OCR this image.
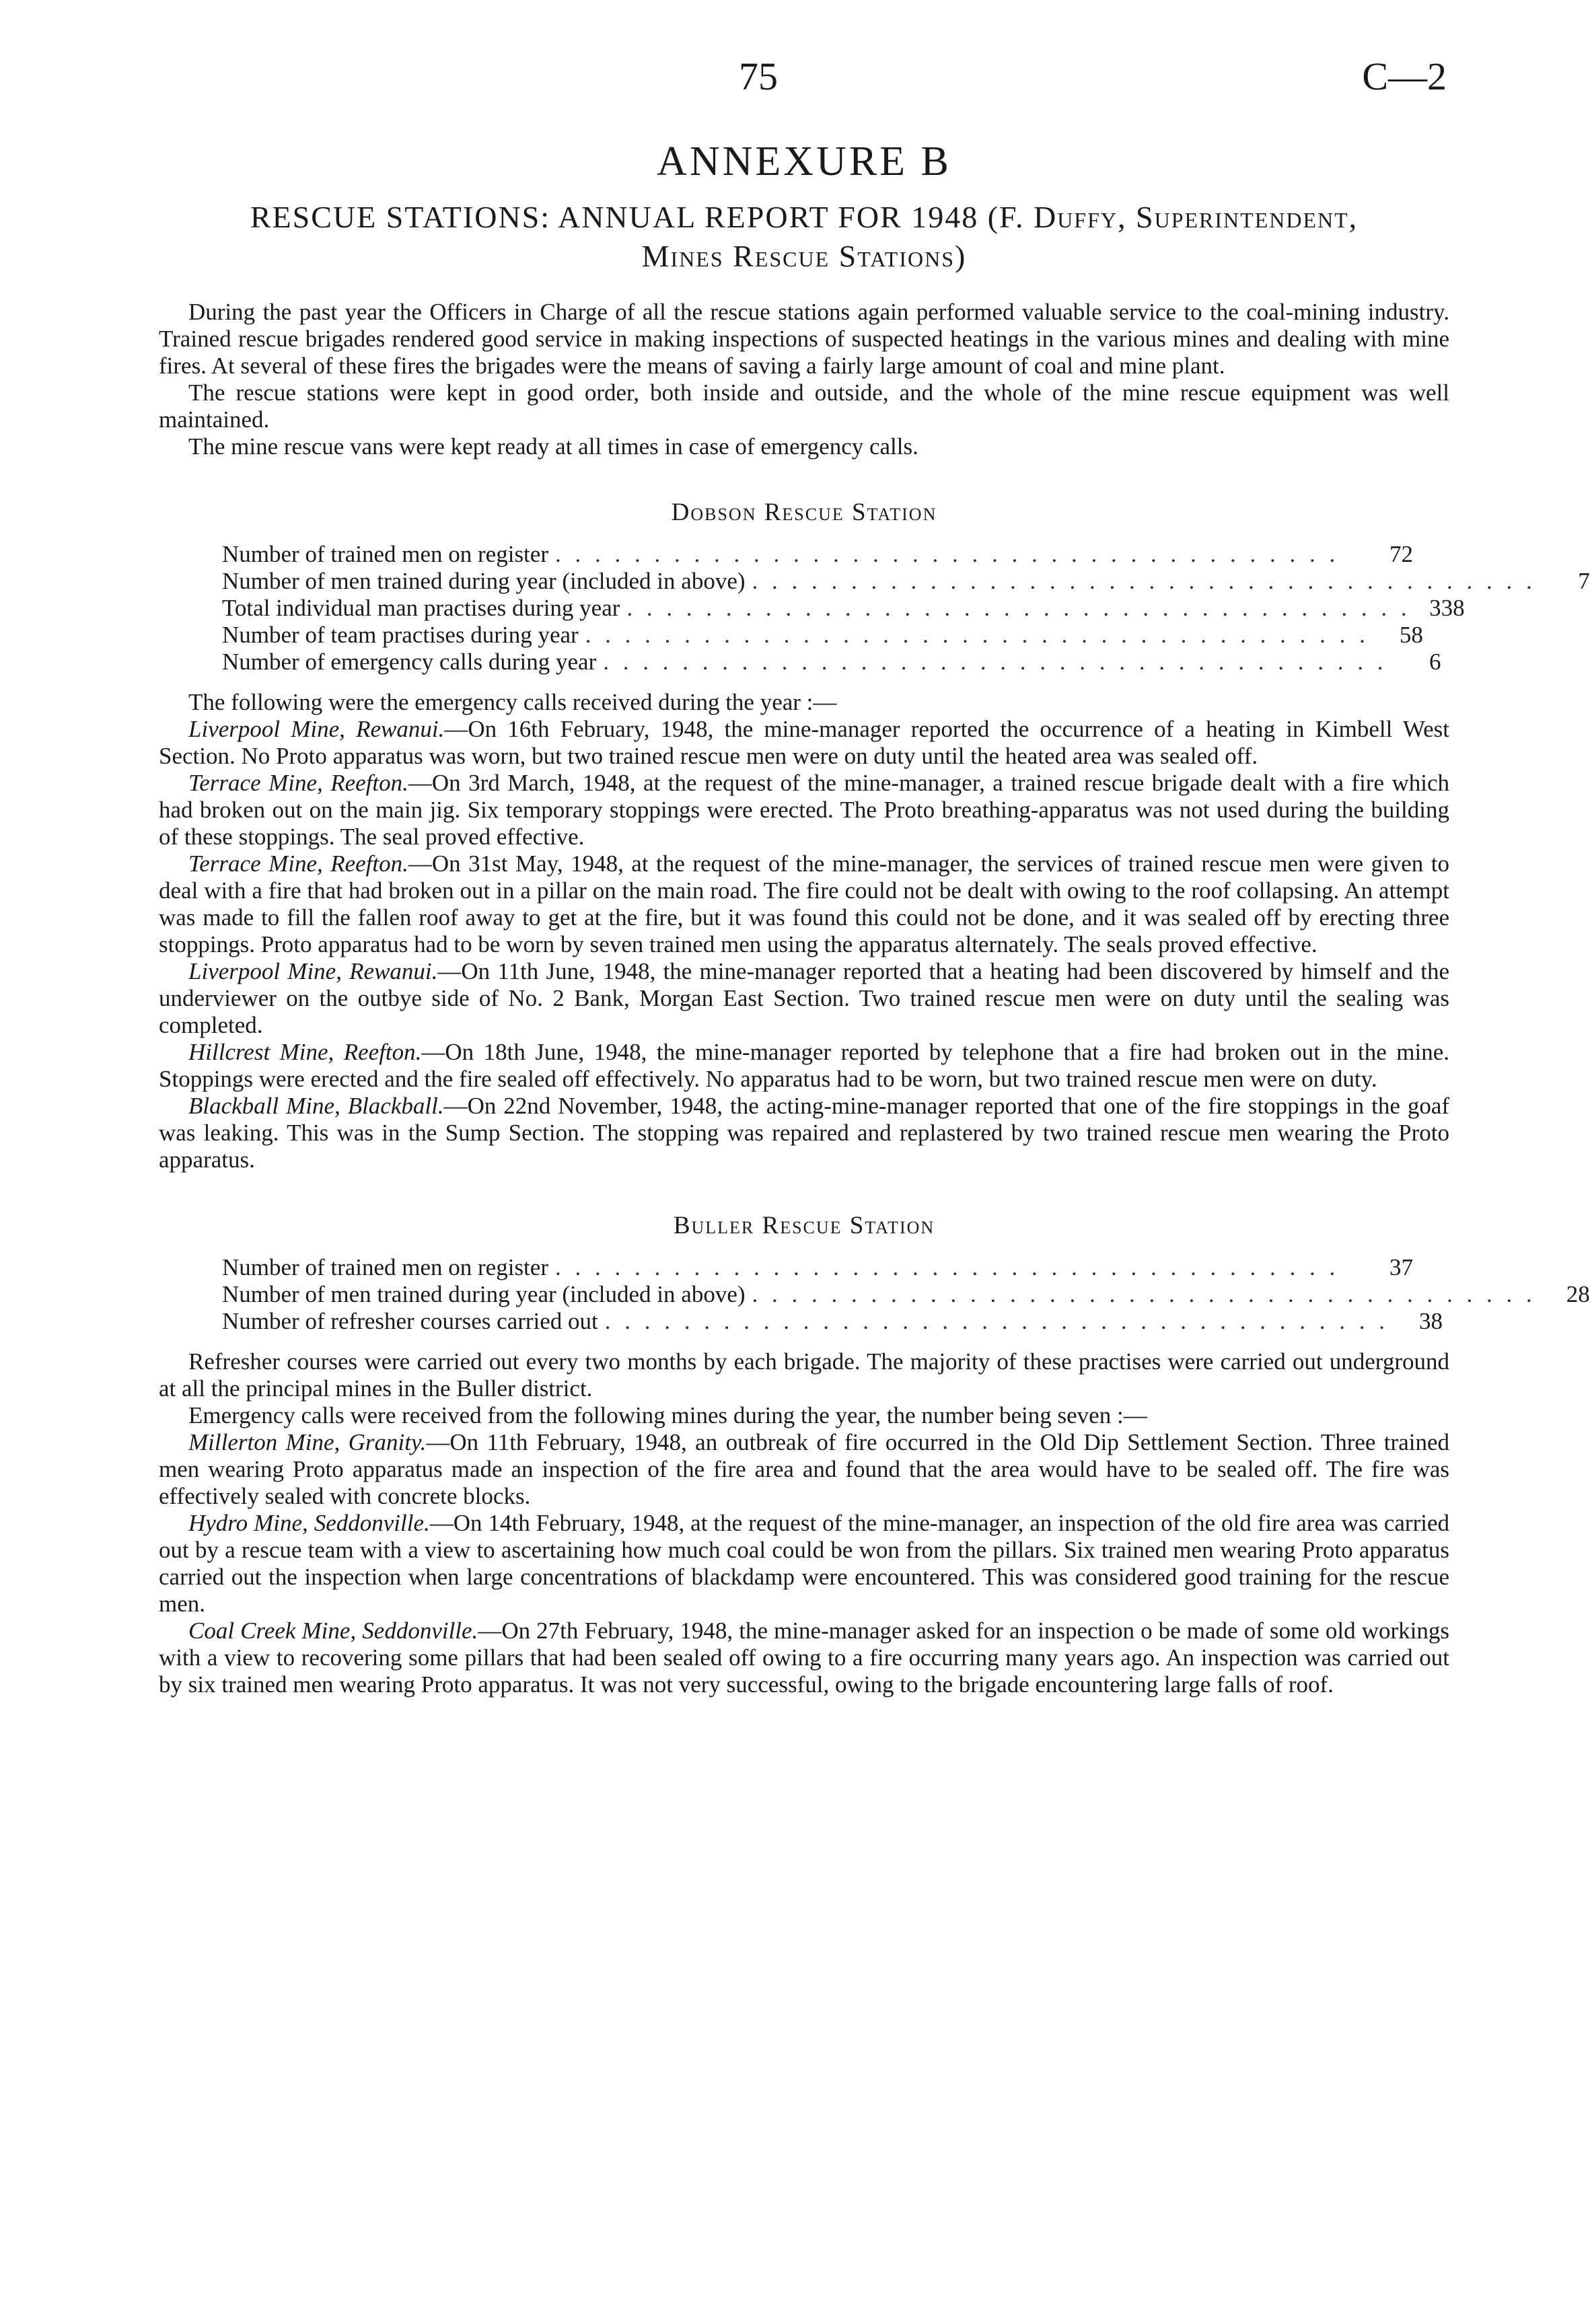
75	C—2
ANNEXURE B
RESCUE STATIONS: ANNUAL REPORT FOR 1948 (F. Duffy, Superintendent,
Mines Rescue Stations)

During the past year the Officers in Charge of all the rescue stations again performed valuable service to the coal-mining industry. Trained rescue brigades rendered good service in making inspections of suspected heatings in the various mines and dealing with mine fires. At several of these fires the brigades were the means of saving a fairly large amount of coal and mine plant.

The rescue stations were kept in good order, both inside and outside, and the whole of the mine rescue equipment was well maintained.

The mine rescue vans were kept ready at all times in case of emergency calls.

Dobson Rescue Station
Number of trained men on register . . . . . . . . . . . . . . . . . . . . . . . . . . . . . . . . . . . . . . . .	72
Number of men trained during year (included in above) . . . . . . . . . . . . . . . . . . . . . . . . . . . . . . . . . . . . . . . .	7
Total individual man practises during year . . . . . . . . . . . . . . . . . . . . . . . . . . . . . . . . . . . . . . . . 338
Number of team practises during year . . . . . . . . . . . . . . . . . . . . . . . . . . . . . . . . . . . . . . . .	58
Number of emergency calls during year . . . . . . . . . . . . . . . . . . . . . . . . . . . . . . . . . . . . . . . .	6

The following were the emergency calls received during the year :—

Liverpool Mine, Rewanui.—On 16th February, 1948, the mine-manager reported the occurrence of a heating in Kimbell West Section. No Proto apparatus was worn, but two trained rescue men were on duty until the heated area was sealed off.

Terrace Mine, Reefton.—On 3rd March, 1948, at the request of the mine-manager, a trained rescue brigade dealt with a fire which had broken out on the main jig. Six temporary stoppings were erected. The Proto breathing-apparatus was not used during the building of these stoppings. The seal proved effective.

Terrace Mine, Reefton.—On 31st May, 1948, at the request of the mine-manager, the services of trained rescue men were given to deal with a fire that had broken out in a pillar on the main road. The fire could not be dealt with owing to the roof collapsing. An attempt was made to fill the fallen roof away to get at the fire, but it was found this could not be done, and it was sealed off by erecting three stoppings. Proto apparatus had to be worn by seven trained men using the apparatus alternately. The seals proved effective.

Liverpool Mine, Rewanui.—On 11th June, 1948, the mine-manager reported that a heating had been discovered by himself and the underviewer on the outbye side of No. 2 Bank, Morgan East Section. Two trained rescue men were on duty until the sealing was completed.

Hillcrest Mine, Reefton.—On 18th June, 1948, the mine-manager reported by telephone that a fire had broken out in the mine. Stoppings were erected and the fire sealed off effectively. No apparatus had to be worn, but two trained rescue men were on duty.

Blackball Mine, Blackball.—On 22nd November, 1948, the acting-mine-manager reported that one of the fire stoppings in the goaf was leaking. This was in the Sump Section. The stopping was repaired and replastered by two trained rescue men wearing the Proto apparatus.

Buller Rescue Station
Number of trained men on register . . . . . . . . . . . . . . . . . . . . . . . . . . . . . . . . . . . . . . . .	37
Number of men trained during year (included in above) . . . . . . . . . . . . . . . . . . . . . . . . . . . . . . . . . . . . . . . .	28
Number of refresher courses carried out . . . . . . . . . . . . . . . . . . . . . . . . . . . . . . . . . . . . . . . .	38

Refresher courses were carried out every two months by each brigade. The majority of these practises were carried out underground at all the principal mines in the Buller district.

Emergency calls were received from the following mines during the year, the number being seven :—

Millerton Mine, Granity.—On 11th February, 1948, an outbreak of fire occurred in the Old Dip Settlement Section. Three trained men wearing Proto apparatus made an inspection of the fire area and found that the area would have to be sealed off. The fire was effectively sealed with concrete blocks.

Hydro Mine, Seddonville.—On 14th February, 1948, at the request of the mine-manager, an inspection of the old fire area was carried out by a rescue team with a view to ascertaining how much coal could be won from the pillars. Six trained men wearing Proto apparatus carried out the inspection when large concentrations of blackdamp were encountered. This was considered good training for the rescue men.

Coal Creek Mine, Seddonville.—On 27th February, 1948, the mine-manager asked for an inspection o be made of some old workings with a view to recovering some pillars that had been sealed off owing to a fire occurring many years ago. An inspection was carried out by six trained men wearing Proto apparatus. It was not very successful, owing to the brigade encountering large falls of roof.
